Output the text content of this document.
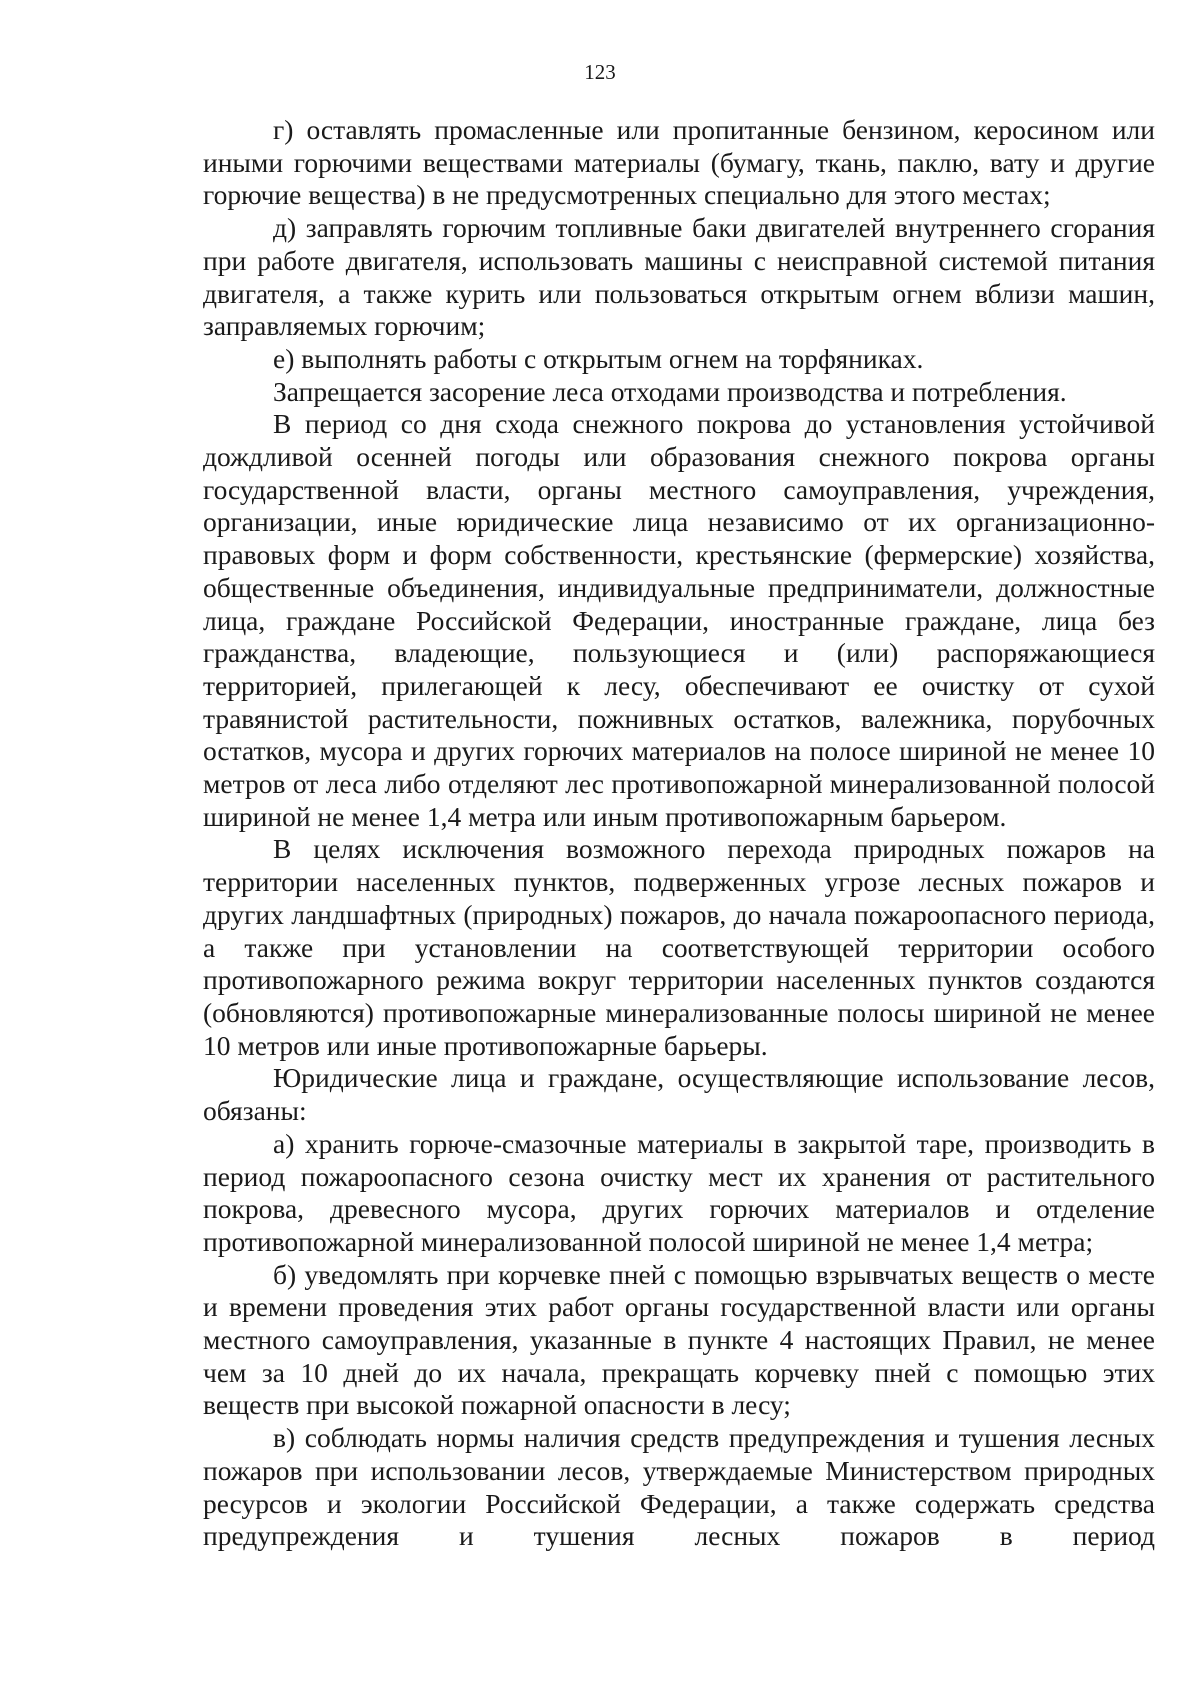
123

г) оставлять промасленные или пропитанные бензином, керосином или иными горючими веществами материалы (бумагу, ткань, паклю, вату и другие горючие вещества) в не предусмотренных специально для этого местах;

д) заправлять горючим топливные баки двигателей внутреннего сгорания при работе двигателя, использовать машины с неисправной системой питания двигателя, а также курить или пользоваться открытым огнем вблизи машин, заправляемых горючим;

е) выполнять работы с открытым огнем на торфяниках.

Запрещается засорение леса отходами производства и потребления.

В период со дня схода снежного покрова до установления устойчивой дождливой осенней погоды или образования снежного покрова органы государственной власти, органы местного самоуправления, учреждения, организации, иные юридические лица независимо от их организационно-правовых форм и форм собственности, крестьянские (фермерские) хозяйства, общественные объединения, индивидуальные предприниматели, должностные лица, граждане Российской Федерации, иностранные граждане, лица без гражданства, владеющие, пользующиеся и (или) распоряжающиеся территорией, прилегающей к лесу, обеспечивают ее очистку от сухой травянистой растительности, пожнивных остатков, валежника, порубочных остатков, мусора и других горючих материалов на полосе шириной не менее 10 метров от леса либо отделяют лес противопожарной минерализованной полосой шириной не менее 1,4 метра или иным противопожарным барьером.

В целях исключения возможного перехода природных пожаров на территории населенных пунктов, подверженных угрозе лесных пожаров и других ландшафтных (природных) пожаров, до начала пожароопасного периода, а также при установлении на соответствующей территории особого противопожарного режима вокруг территории населенных пунктов создаются (обновляются) противопожарные минерализованные полосы шириной не менее 10 метров или иные противопожарные барьеры.

Юридические лица и граждане, осуществляющие использование лесов, обязаны:

а) хранить горюче-смазочные материалы в закрытой таре, производить в период пожароопасного сезона очистку мест их хранения от растительного покрова, древесного мусора, других горючих материалов и отделение противопожарной минерализованной полосой шириной не менее 1,4 метра;

б) уведомлять при корчевке пней с помощью взрывчатых веществ о месте и времени проведения этих работ органы государственной власти или органы местного самоуправления, указанные в пункте 4 настоящих Правил, не менее чем за 10 дней до их начала, прекращать корчевку пней с помощью этих веществ при высокой пожарной опасности в лесу;

в) соблюдать нормы наличия средств предупреждения и тушения лесных пожаров при использовании лесов, утверждаемые Министерством природных ресурсов и экологии Российской Федерации, а также содержать средства предупреждения и тушения лесных пожаров в период
